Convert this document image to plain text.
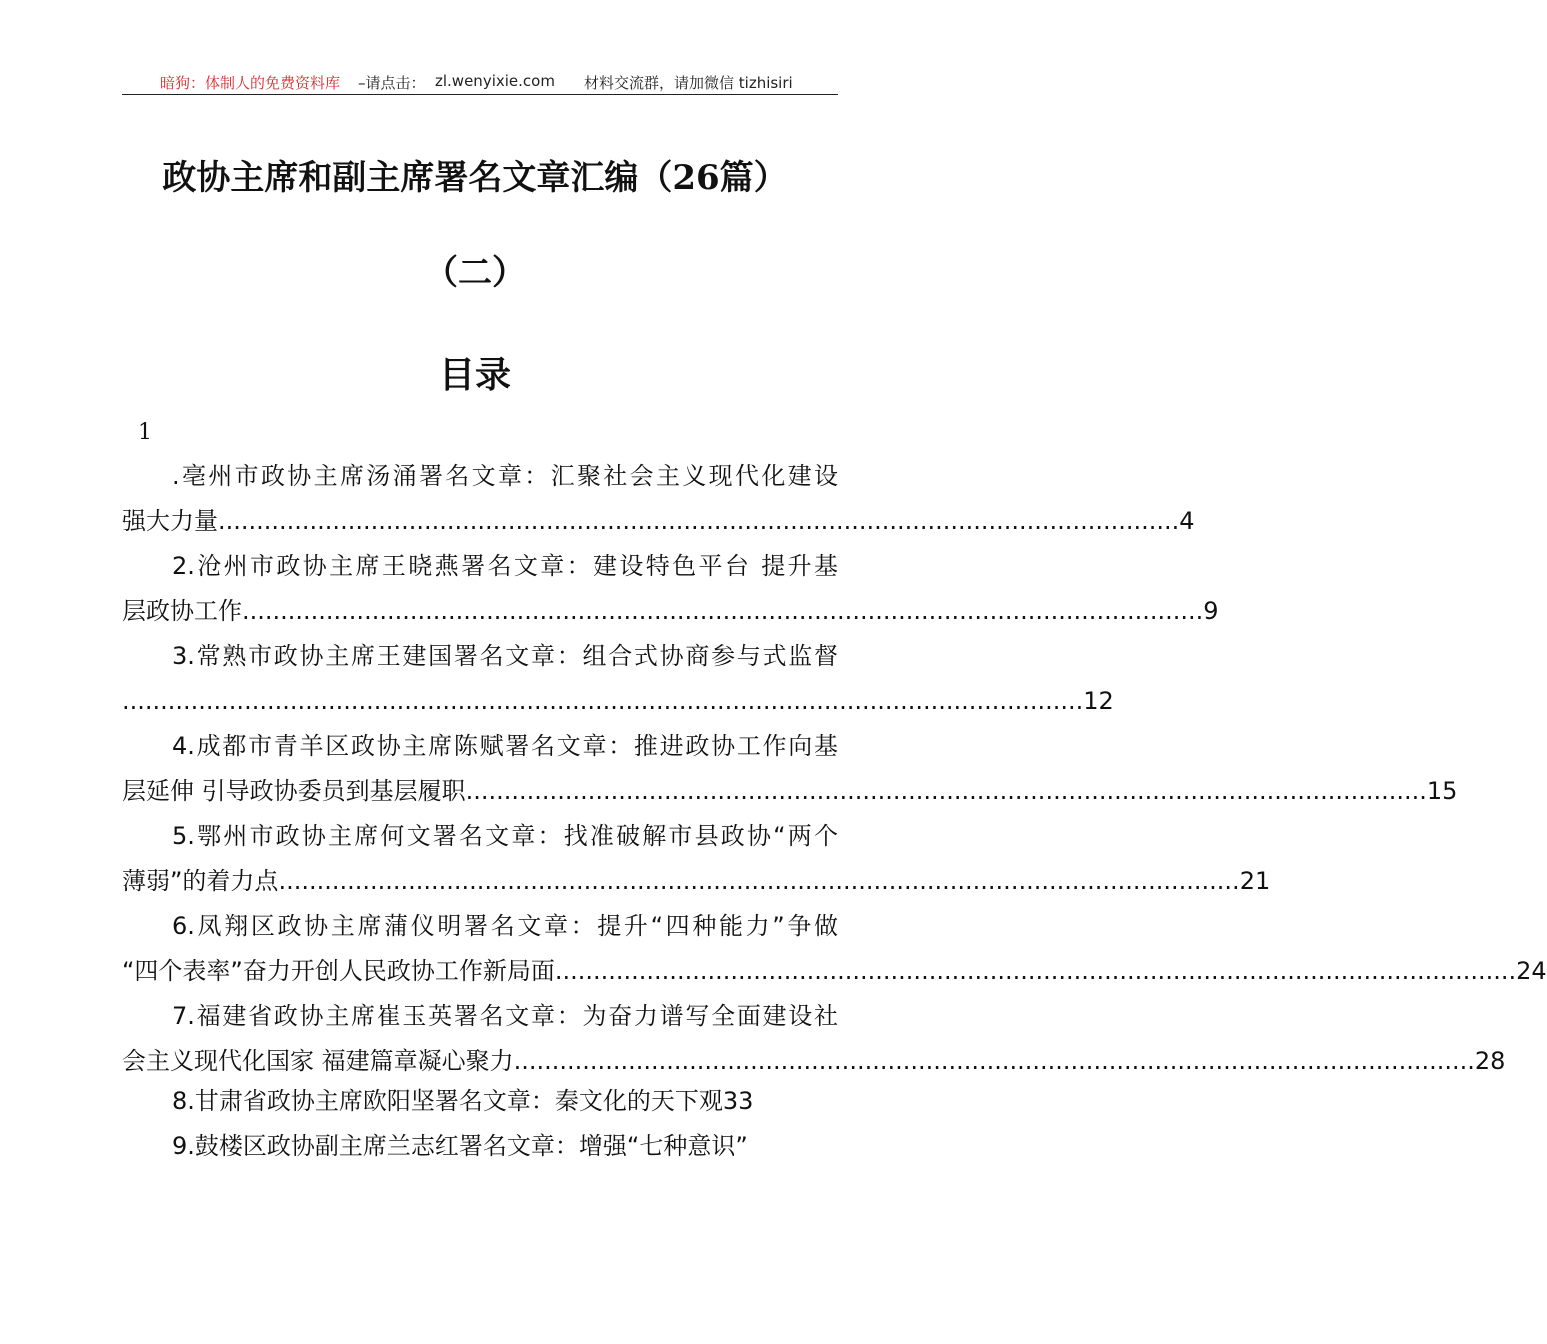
暗狗：体制人的免费资料库 –请点击： zl.wenyixie.com 材料交流群，请加微信 tizhisiri
政协主席和副主席署名文章汇编（26篇）
（二）
目录
1
.亳州市政协主席汤涌署名文章：汇聚社会主义现代化建设
强大力量 .............................................................................................................................. 4
2.沧州市政协主席王晓燕署名文章：建设特色平台 提升基
层政协工作 .............................................................................................................................. 9
3.常熟市政协主席王建国署名文章：组合式协商参与式监督
.............................................................................................................................. 12
4.成都市青羊区政协主席陈赋署名文章：推进政协工作向基
层延伸 引导政协委员到基层履职 .............................................................................................................................. 15
5.鄂州市政协主席何文署名文章：找准破解市县政协“两个
薄弱”的着力点 .............................................................................................................................. 21
6.凤翔区政协主席蒲仪明署名文章：提升“四种能力”争做
“四个表率”奋力开创人民政协工作新局面 .............................................................................................................................. 24
7.福建省政协主席崔玉英署名文章：为奋力谱写全面建设社
会主义现代化国家 福建篇章凝心聚力 .............................................................................................................................. 28
8.甘肃省政协主席欧阳坚署名文章：秦文化的天下观33
9.鼓楼区政协副主席兰志红署名文章：增强“七种意识”
